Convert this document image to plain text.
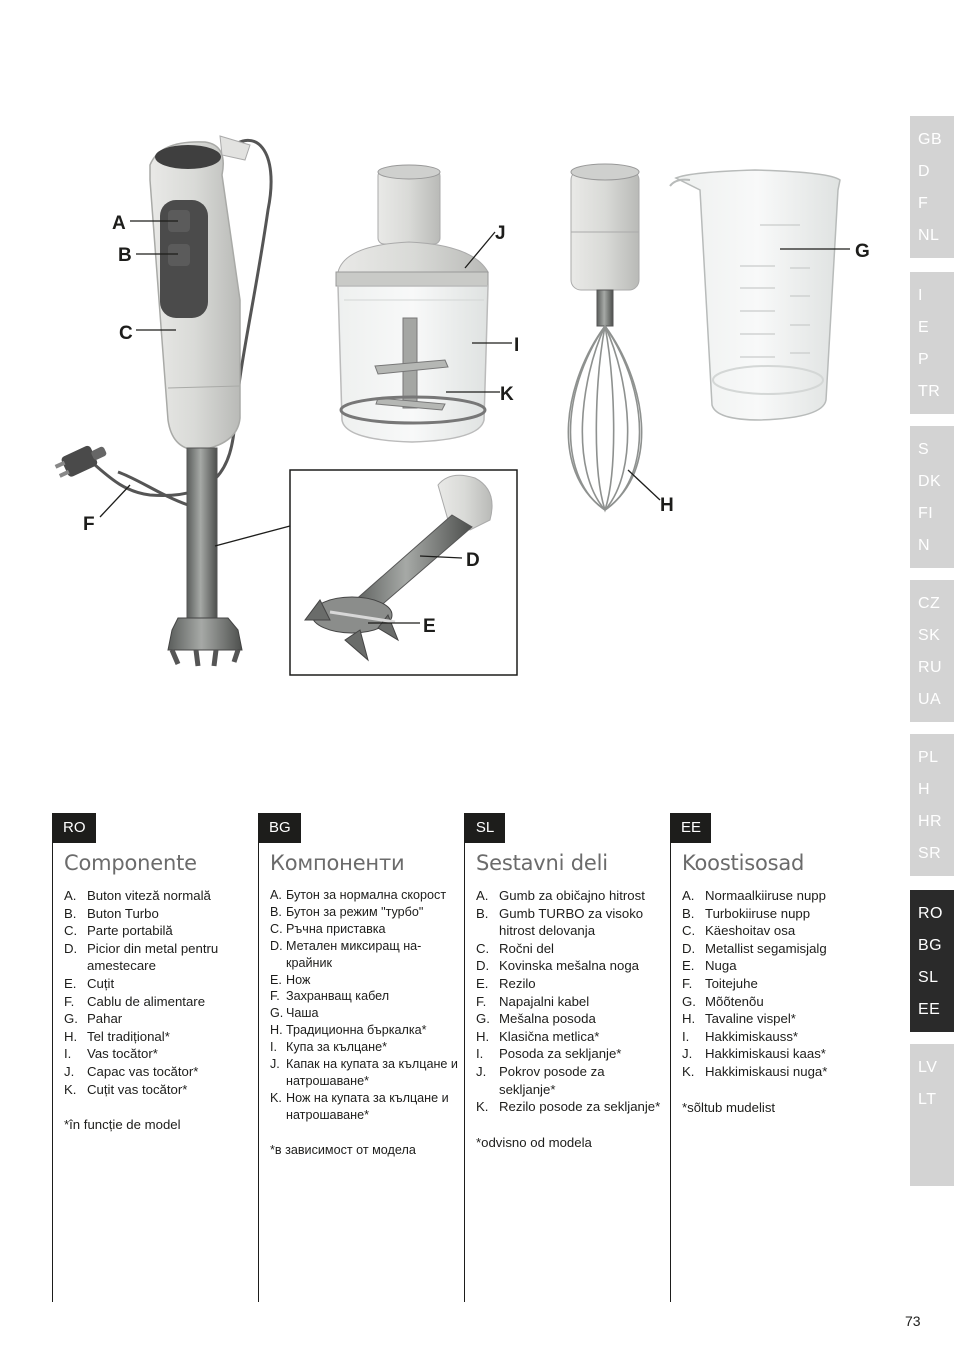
A
B
C
F
J
I
K
G
H
D
E
GB
D
F
NL
I
E
P
TR
S
DK
FI
N
CZ
SK
RU
UA
PL
H
HR
SR
RO
BG
SL
EE
LV
LT
RO
Componente
A. Buton viteză normală
B. Buton Turbo
C. Parte portabilă
D. Picior din metal pentru amestecare
E. Cuțit
F. Cablu de alimentare
G. Pahar
H. Tel tradițional*
I. Vas tocător*
J. Capac vas tocător*
K. Cuțit vas tocător*
*în funcție de model
BG
Компоненти
A. Бутон за нормална скорост
B. Бутон за режим "турбо"
C. Ръчна приставка
D. Метален миксиращ на-крайник
E. Нож
F. Захранващ кабел
G. Чаша
H. Традиционна бъркалка*
I. Купа за кълцане*
J. Капак на купата за кълцане и натрошаване*
K. Нож на купата за кълцане и натрошаване*
*в зависимост от модела
SL
Sestavni deli
A. Gumb za običajno hitrost
B. Gumb TURBO za visoko hitrost delovanja
C. Ročni del
D. Kovinska mešalna noga
E. Rezilo
F. Napajalni kabel
G. Mešalna posoda
H. Klasična metlica*
I. Posoda za sekljanje*
J. Pokrov posode za sekljanje*
K. Rezilo posode za sekljanje*
*odvisno od modela
EE
Koostisosad
A. Normaalkiiruse nupp
B. Turbokiiruse nupp
C. Käeshoitav osa
D. Metallist segamisjalg
E. Nuga
F. Toitejuhe
G. Mõõtenõu
H. Tavaline vispel*
I. Hakkimiskauss*
J. Hakkimiskausi kaas*
K. Hakkimiskausi nuga*
*sõltub mudelist
73
